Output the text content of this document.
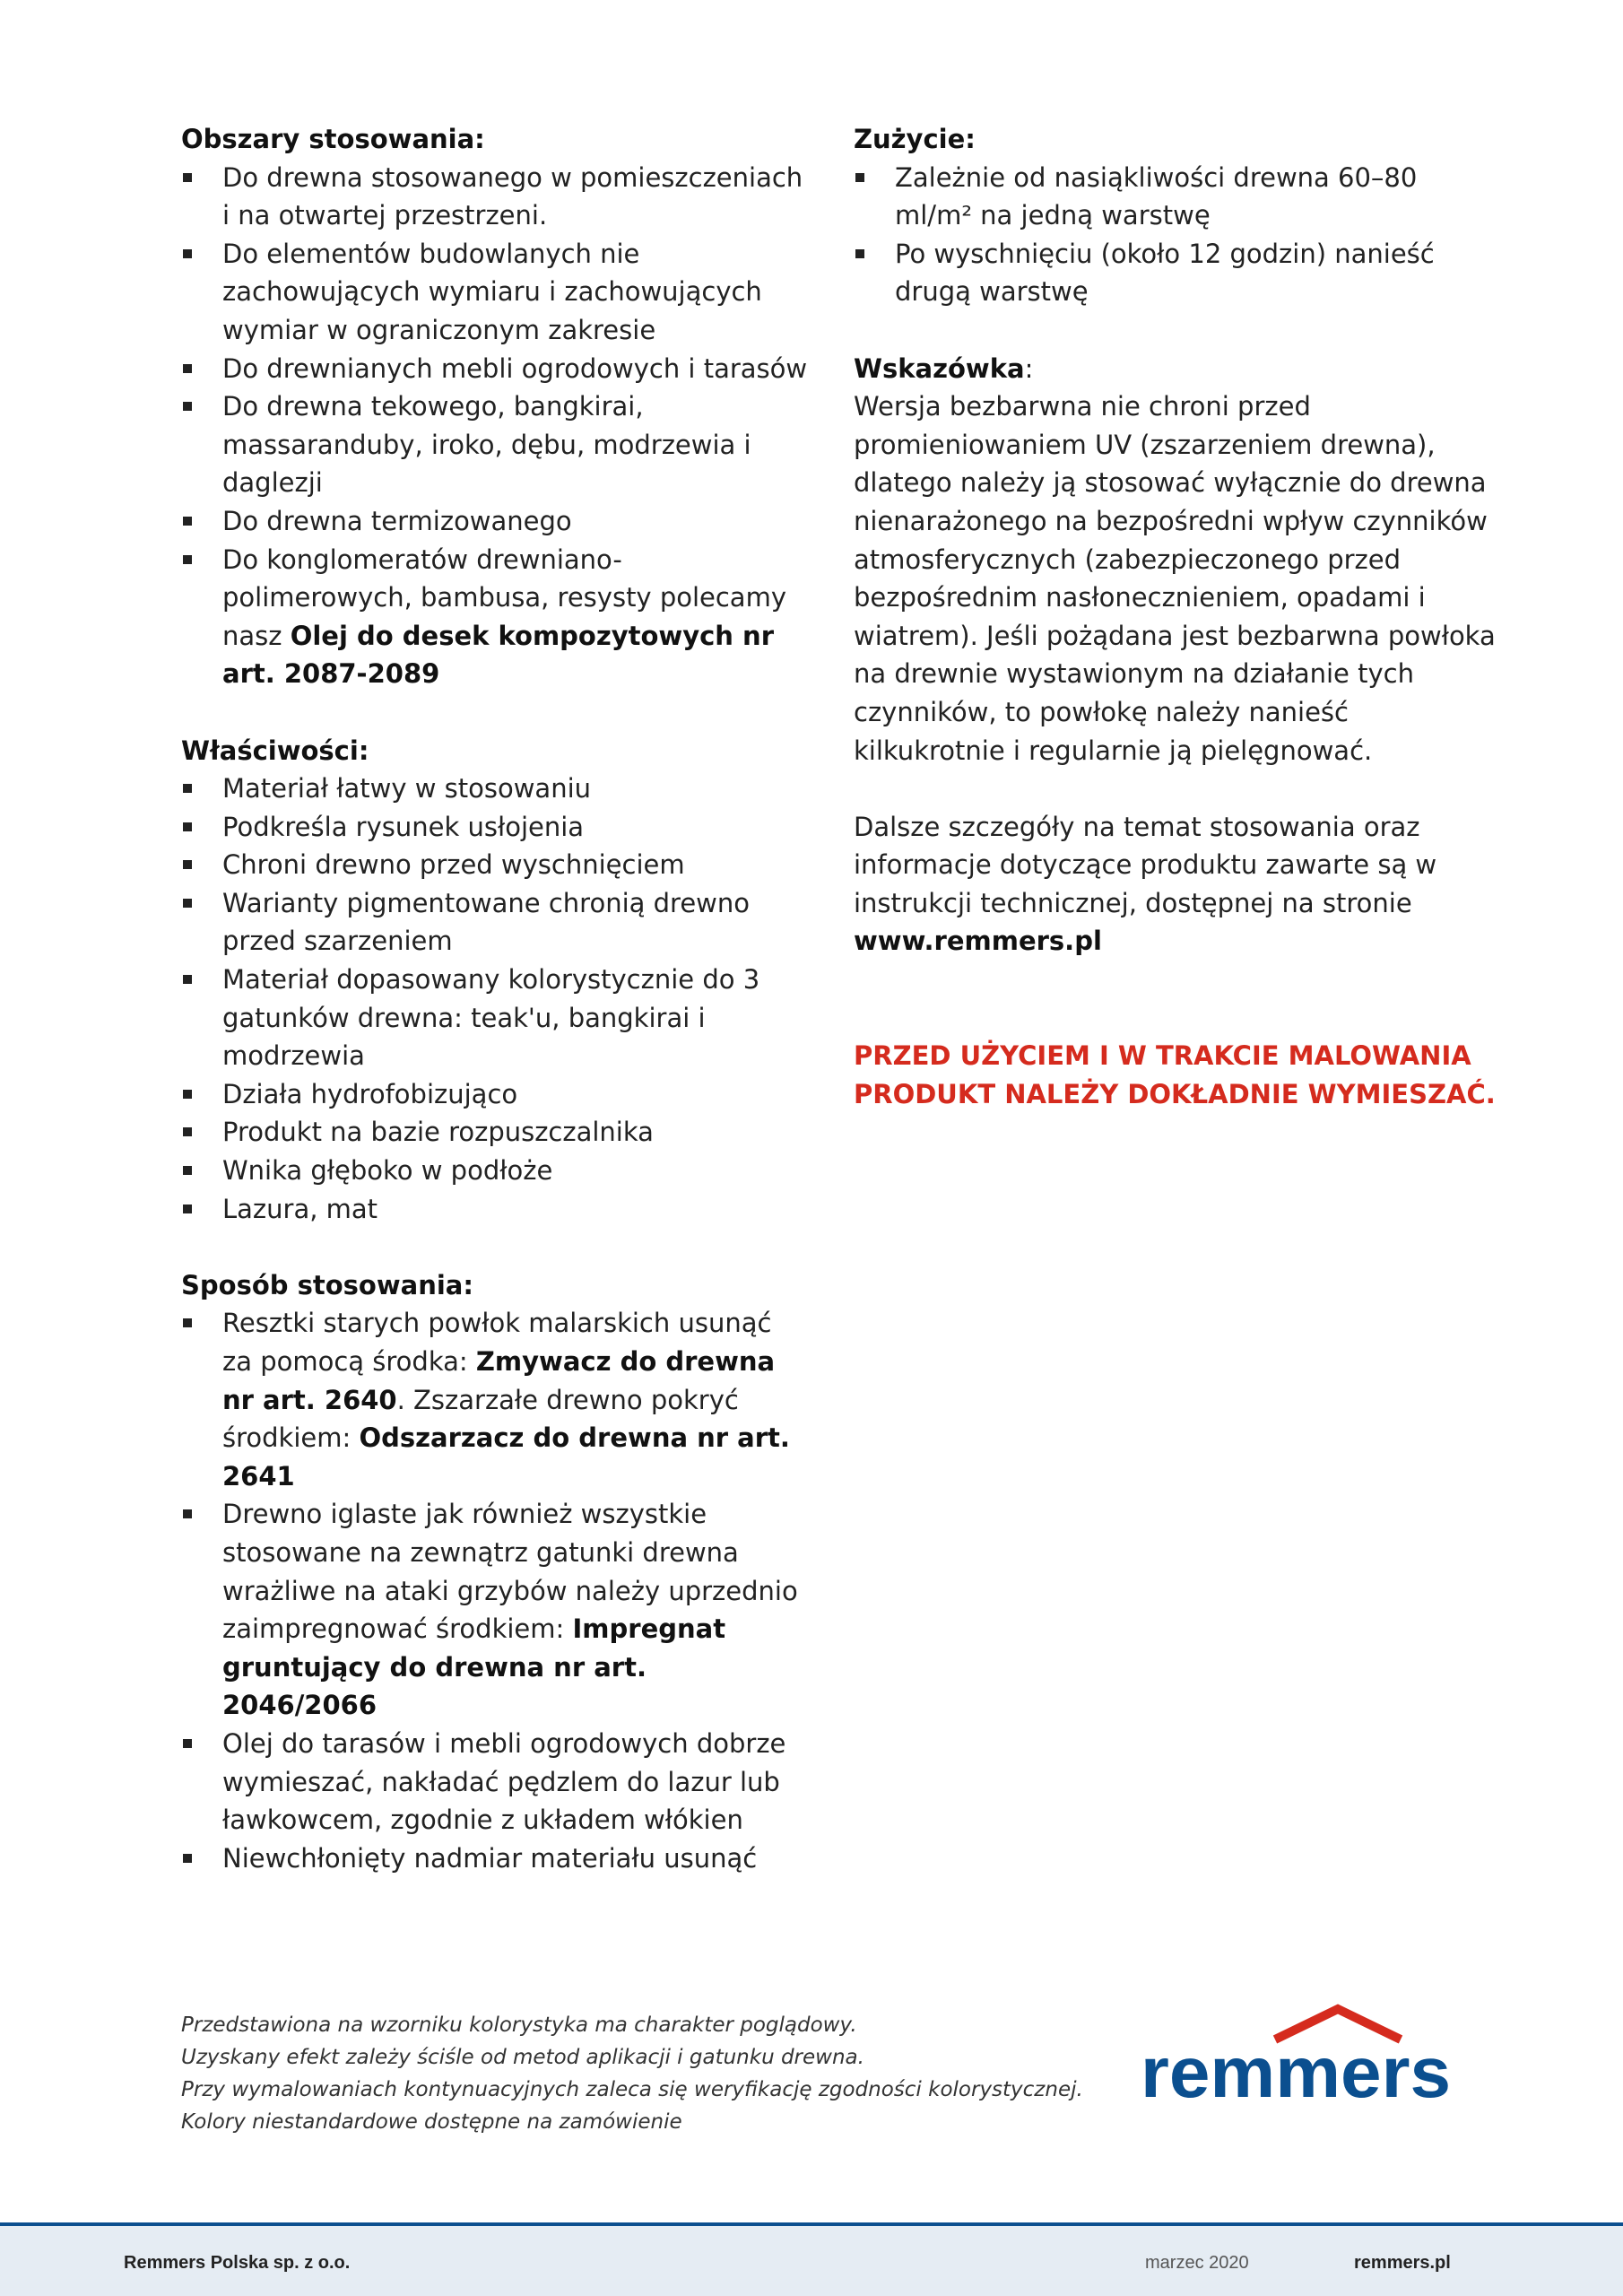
Obszary stosowania:

Do drewna stosowanego w pomieszczeniach i na otwartej przestrzeni.
Do elementów budowlanych nie zachowujących wymiaru i zachowujących wymiar w ograniczonym zakresie
Do drewnianych mebli ogrodowych i tarasów
Do drewna tekowego, bangkirai, massaranduby, iroko, dębu, modrzewia i daglezji
Do drewna termizowanego
Do konglomeratów drewniano-polimerowych, bambusa, resysty polecamy nasz Olej do desek kompozytowych nr art. 2087-2089

Właściwości:

Materiał łatwy w stosowaniu
Podkreśla rysunek usłojenia
Chroni drewno przed wyschnięciem
Warianty pigmentowane chronią drewno przed szarzeniem
Materiał dopasowany kolorystycznie do 3 gatunków drewna: teak'u, bangkirai i modrzewia
Działa hydrofobizująco
Produkt na bazie rozpuszczalnika
Wnika głęboko w podłoże
Lazura, mat

Sposób stosowania:

Resztki starych powłok malarskich usunąć za pomocą środka: Zmywacz do drewna nr art. 2640. Zszarzałe drewno pokryć środkiem: Odszarzacz do drewna nr art. 2641
Drewno iglaste jak również wszystkie stosowane na zewnątrz gatunki drewna wrażliwe na ataki grzybów należy uprzednio zaimpregnować środkiem: Impregnat gruntujący do drewna nr art. 2046/2066
Olej do tarasów i mebli ogrodowych dobrze wymieszać, nakładać pędzlem do lazur lub ławkowcem, zgodnie z układem włókien
Niewchłonięty nadmiar materiału usunąć

Zużycie:

Zależnie od nasiąkliwości drewna 60–80 ml/m² na jedną warstwę
Po wyschnięciu (około 12 godzin) nanieść drugą warstwę

Wskazówka:

Wersja bezbarwna nie chroni przed promieniowaniem UV (zszarzeniem drewna), dlatego należy ją stosować wyłącznie do drewna nienarażonego na bezpośredni wpływ czynników atmosferycznych (zabezpieczonego przed bezpośrednim nasłonecznieniem, opadami i wiatrem). Jeśli pożądana jest bezbarwna powłoka na drewnie wystawionym na działanie tych czynników, to powłokę należy nanieść kilkukrotnie i regularnie ją pielęgnować.

Dalsze szczegóły na temat stosowania oraz informacje dotyczące produktu zawarte są w instrukcji technicznej, dostępnej na stronie www.remmers.pl

PRZED UŻYCIEM I W TRAKCIE MALOWANIA

PRODUKT NALEŻY DOKŁADNIE WYMIESZAĆ.

Przedstawiona na wzorniku kolorystyka ma charakter poglądowy.
Uzyskany efekt zależy ściśle od metod aplikacji i gatunku drewna.
Przy wymalowaniach kontynuacyjnych zaleca się weryfikację zgodności kolorystycznej.
Kolory niestandardowe dostępne na zamówienie
remmers
Remmers Polska sp. z o.o.	marzec 2020	remmers.pl
